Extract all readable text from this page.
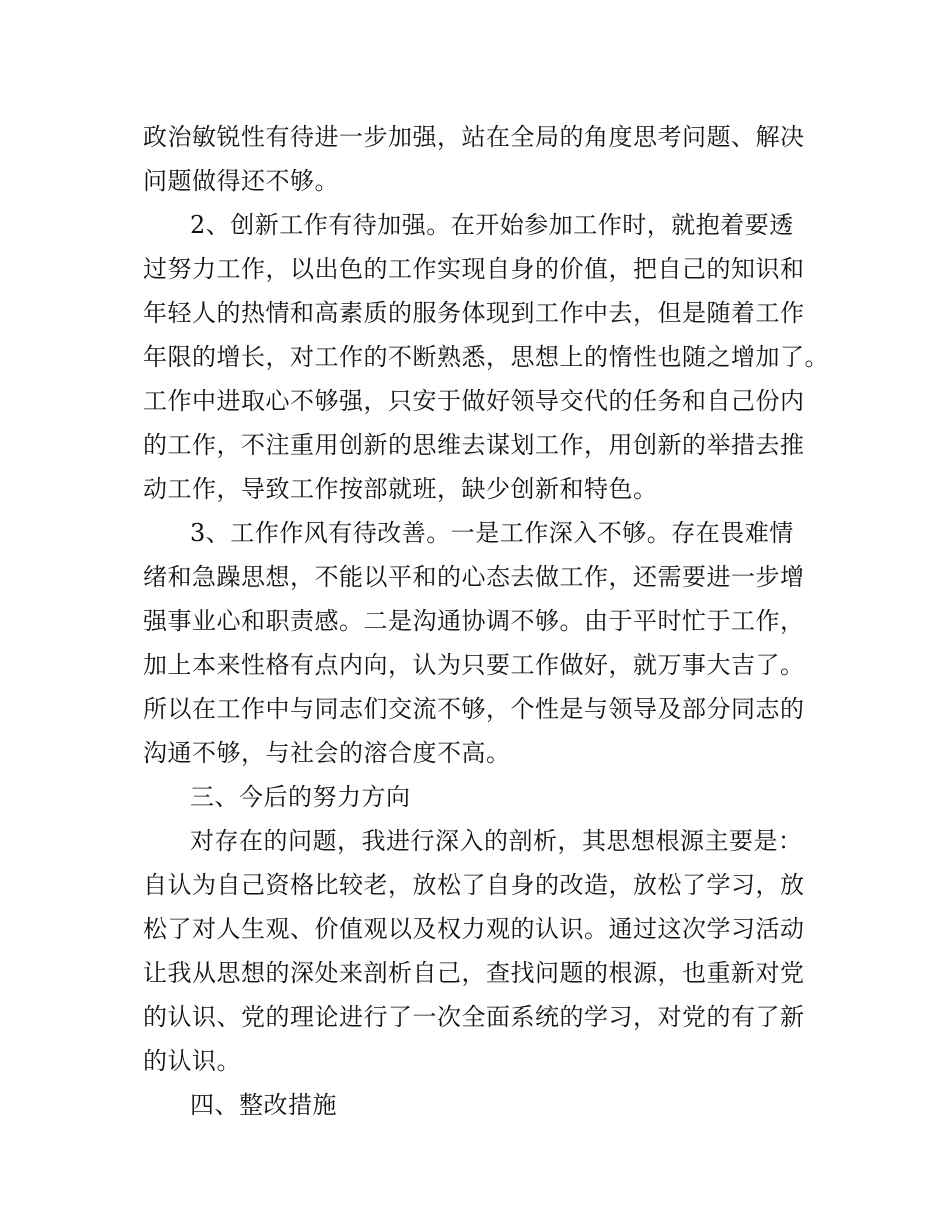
政治敏锐性有待进一步加强，站在全局的角度思考问题、解决
问题做得还不够。
2、创新工作有待加强。在开始参加工作时，就抱着要透
过努力工作，以出色的工作实现自身的价值，把自己的知识和
年轻人的热情和高素质的服务体现到工作中去，但是随着工作
年限的增长，对工作的不断熟悉，思想上的惰性也随之增加了。
工作中进取心不够强，只安于做好领导交代的任务和自己份内
的工作，不注重用创新的思维去谋划工作，用创新的举措去推
动工作，导致工作按部就班，缺少创新和特色。
3、工作作风有待改善。一是工作深入不够。存在畏难情
绪和急躁思想，不能以平和的心态去做工作，还需要进一步增
强事业心和职责感。二是沟通协调不够。由于平时忙于工作，
加上本来性格有点内向，认为只要工作做好，就万事大吉了。
所以在工作中与同志们交流不够，个性是与领导及部分同志的
沟通不够，与社会的溶合度不高。
三、今后的努力方向
对存在的问题，我进行深入的剖析，其思想根源主要是：
自认为自己资格比较老，放松了自身的改造，放松了学习，放
松了对人生观、价值观以及权力观的认识。通过这次学习活动
让我从思想的深处来剖析自己，查找问题的根源，也重新对党
的认识、党的理论进行了一次全面系统的学习，对党的有了新
的认识。
四、整改措施
